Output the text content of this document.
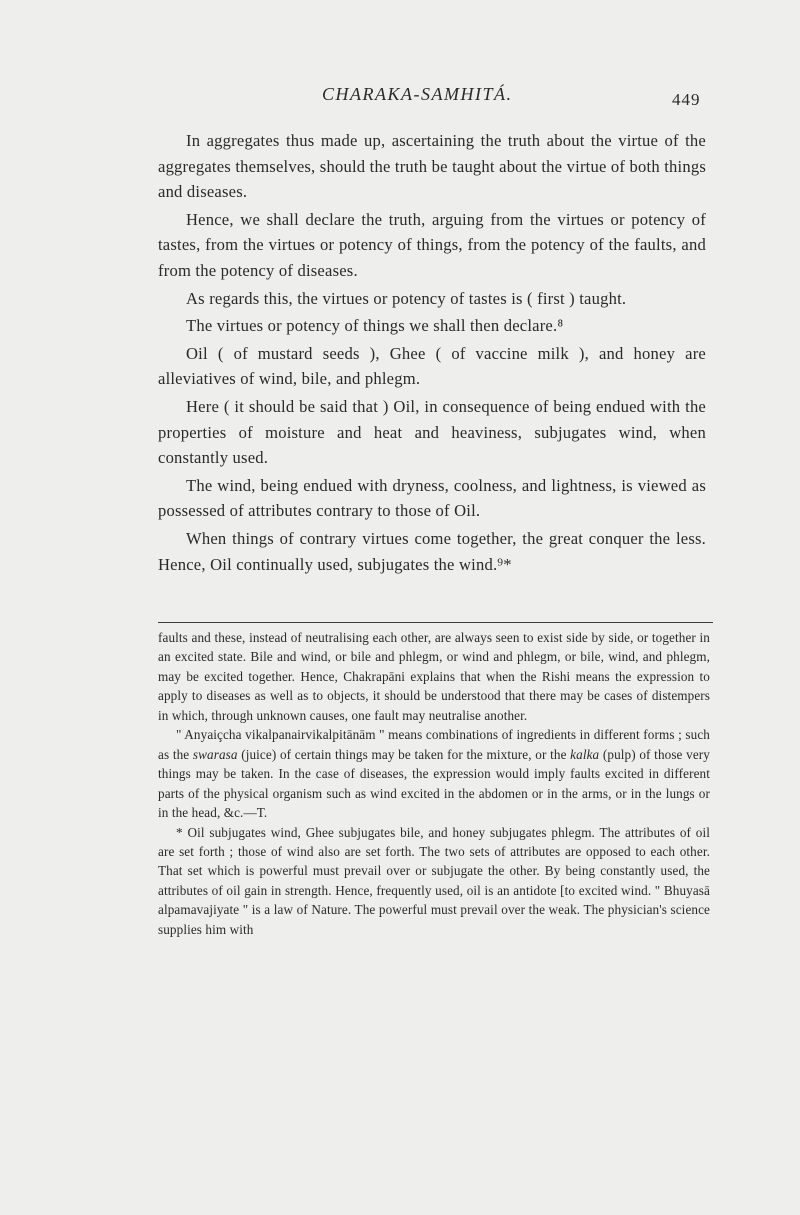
CHARAKA-SAMHITÁ.	449

In aggregates thus made up, ascertaining the truth about the virtue of the aggregates themselves, should the truth be taught about the virtue of both things and diseases.

Hence, we shall declare the truth, arguing from the virtues or potency of tastes, from the virtues or potency of things, from the potency of the faults, and from the potency of diseases.

As regards this, the virtues or potency of tastes is ( first ) taught.

The virtues or potency of things we shall then declare.⁸

Oil ( of mustard seeds ), Ghee ( of vaccine milk ), and honey are alleviatives of wind, bile, and phlegm.

Here ( it should be said that ) Oil, in consequence of being endued with the properties of moisture and heat and heaviness, subjugates wind, when constantly used.

The wind, being endued with dryness, coolness, and lightness, is viewed as possessed of attributes contrary to those of Oil.

When things of contrary virtues come together, the great conquer the less. Hence, Oil continually used, subjugates the wind.⁹*

faults and these, instead of neutralising each other, are always seen to exist side by side, or together in an excited state. Bile and wind, or bile and phlegm, or wind and phlegm, or bile, wind, and phlegm, may be excited together. Hence, Chakrapāni explains that when the Rishi means the expression to apply to diseases as well as to objects, it should be understood that there may be cases of distempers in which, through unknown causes, one fault may neutralise another.

" Anyaiçcha vikalpanairvikalpitānām " means combinations of ingredients in different forms ; such as the swarasa (juice) of certain things may be taken for the mixture, or the kalka (pulp) of those very things may be taken. In the case of diseases, the expression would imply faults excited in different parts of the physical organism such as wind excited in the abdomen or in the arms, or in the lungs or in the head, &c.—T.

* Oil subjugates wind, Ghee subjugates bile, and honey subjugates phlegm. The attributes of oil are set forth ; those of wind also are set forth. The two sets of attributes are opposed to each other. That set which is powerful must prevail over or subjugate the other. By being constantly used, the attributes of oil gain in strength. Hence, frequently used, oil is an antidote [to excited wind. " Bhuyasā alpamavajiyate " is a law of Nature. The powerful must prevail over the weak. The physician's science supplies him with
